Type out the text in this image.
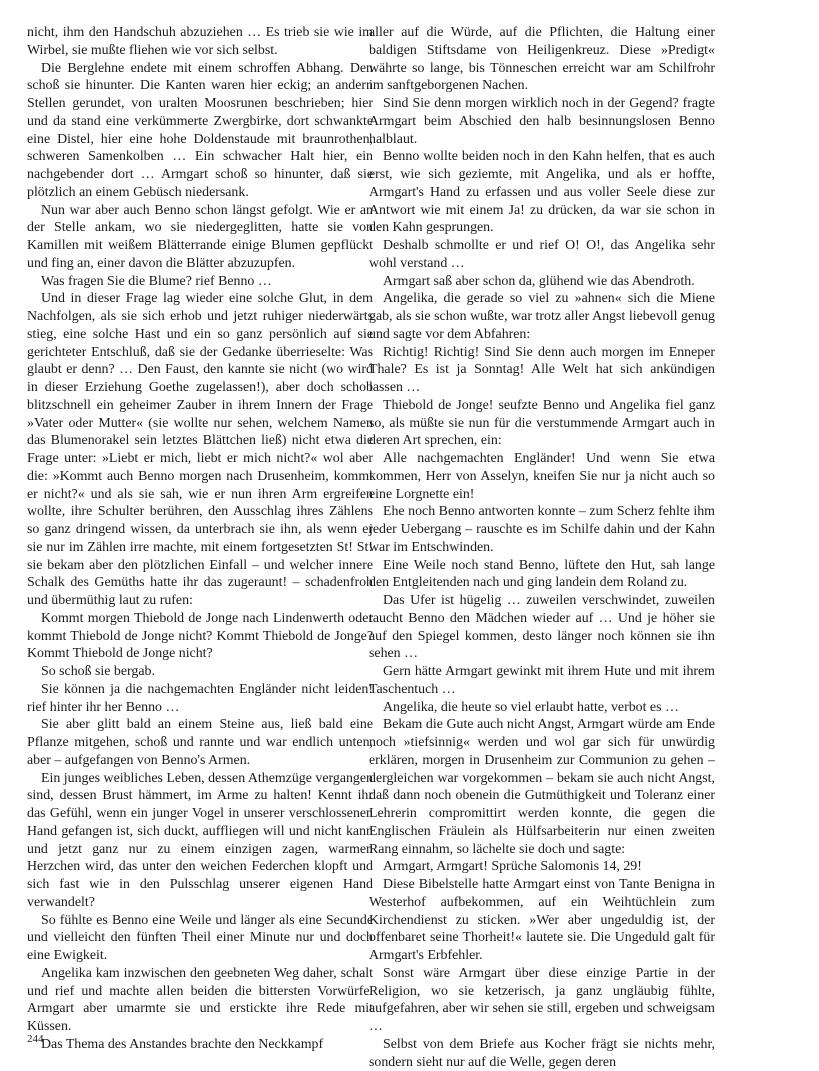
nicht, ihm den Handschuh abzuziehen … Es trieb sie wie im Wirbel, sie mußte fliehen wie vor sich selbst.

Die Berglehne endete mit einem schroffen Abhang. Den schoß sie hinunter. Die Kanten waren hier eckig; an andern Stellen gerundet, von uralten Moosrunen beschrieben; hier und da stand eine verkümmerte Zwergbirke, dort schwankte eine Distel, hier eine hohe Doldenstaude mit braunrothen, schweren Samenkolben … Ein schwacher Halt hier, ein nachgebender dort … Armgart schoß so hinunter, daß sie plötzlich an einem Gebüsch niedersank.

Nun war aber auch Benno schon längst gefolgt. Wie er an der Stelle ankam, wo sie niedergeglitten, hatte sie von Kamillen mit weißem Blätterrande einige Blumen gepflückt und fing an, einer davon die Blätter abzuzupfen.

Was fragen Sie die Blume? rief Benno …

Und in dieser Frage lag wieder eine solche Glut, in dem Nachfolgen, als sie sich erhob und jetzt ruhiger niederwärts stieg, eine solche Hast und ein so ganz persönlich auf sie gerichteter Entschluß, daß sie der Gedanke überrieselte: Was glaubt er denn? … Den Faust, den kannte sie nicht (wo wird in dieser Erziehung Goethe zugelassen!), aber doch schob blitzschnell ein geheimer Zauber in ihrem Innern der Frage »Vater oder Mutter« (sie wollte nur sehen, welchem Namen das Blumenorakel sein letztes Blättchen ließ) nicht etwa die Frage unter: »Liebt er mich, liebt er mich nicht?« wol aber die: »Kommt auch Benno morgen nach Drusenheim, kommt er nicht?« und als sie sah, wie er nun ihren Arm ergreifen wollte, ihre Schulter berühren, den Ausschlag ihres Zählens so ganz dringend wissen, da unterbrach sie ihn, als wenn er sie nur im Zählen irre machte, mit einem fortgesetzten St! St! sie bekam aber den plötzlichen Einfall – und welcher innere Schalk des Gemüths hatte ihr das zugeraunt! – schadenfroh und übermüthig laut zu rufen:

Kommt morgen Thiebold de Jonge nach Lindenwerth oder kommt Thiebold de Jonge nicht? Kommt Thiebold de Jonge? Kommt Thiebold de Jonge nicht?

So schoß sie bergab.

Sie können ja die nachgemachten Engländer nicht leiden! rief hinter ihr her Benno …

Sie aber glitt bald an einem Steine aus, ließ bald eine Pflanze mitgehen, schoß und rannte und war endlich unten, aber – aufgefangen von Benno's Armen.

Ein junges weibliches Leben, dessen Athemzüge vergangen sind, dessen Brust hämmert, im Arme zu halten! Kennt ihr das Gefühl, wenn ein junger Vogel in unserer verschlossenen Hand gefangen ist, sich duckt, auffliegen will und nicht kann und jetzt ganz nur zu einem einzigen zagen, warmen Herzchen wird, das unter den weichen Federchen klopft und sich fast wie in den Pulsschlag unserer eigenen Hand verwandelt?

So fühlte es Benno eine Weile und länger als eine Secunde und vielleicht den fünften Theil einer Minute nur und doch eine Ewigkeit.

Angelika kam inzwischen den geebneten Weg daher, schalt und rief und machte allen beiden die bittersten Vorwürfe. Armgart aber umarmte sie und erstickte ihre Rede mit Küssen.

Das Thema des Anstandes brachte den Neckkampf

aller auf die Würde, auf die Pflichten, die Haltung einer baldigen Stiftsdame von Heiligenkreuz. Diese »Predigt« währte so lange, bis Tönneschen erreicht war am Schilfrohr im sanftgeborgenen Nachen.

Sind Sie denn morgen wirklich noch in der Gegend? fragte Armgart beim Abschied den halb besinnungslosen Benno halblaut.

Benno wollte beiden noch in den Kahn helfen, that es auch erst, wie sich geziemte, mit Angelika, und als er hoffte, Armgart's Hand zu erfassen und aus voller Seele diese zur Antwort wie mit einem Ja! zu drücken, da war sie schon in den Kahn gesprungen.

Deshalb schmollte er und rief O! O!, das Angelika sehr wohl verstand …

Armgart saß aber schon da, glühend wie das Abendroth.

Angelika, die gerade so viel zu »ahnen« sich die Miene gab, als sie schon wußte, war trotz aller Angst liebevoll genug und sagte vor dem Abfahren:

Richtig! Richtig! Sind Sie denn auch morgen im Enneper Thale? Es ist ja Sonntag! Alle Welt hat sich ankündigen lassen …

Thiebold de Jonge! seufzte Benno und Angelika fiel ganz so, als müßte sie nun für die verstummende Armgart auch in deren Art sprechen, ein:

Alle nachgemachten Engländer! Und wenn Sie etwa kommen, Herr von Asselyn, kneifen Sie nur ja nicht auch so eine Lorgnette ein!

Ehe noch Benno antworten konnte – zum Scherz fehlte ihm jeder Uebergang – rauschte es im Schilfe dahin und der Kahn war im Entschwinden.

Eine Weile noch stand Benno, lüftete den Hut, sah lange den Entgleitenden nach und ging landein dem Roland zu.

Das Ufer ist hügelig … zuweilen verschwindet, zuweilen taucht Benno den Mädchen wieder auf … Und je höher sie auf den Spiegel kommen, desto länger noch können sie ihn sehen …

Gern hätte Armgart gewinkt mit ihrem Hute und mit ihrem Taschentuch …

Angelika, die heute so viel erlaubt hatte, verbot es …

Bekam die Gute auch nicht Angst, Armgart würde am Ende noch »tiefsinnig« werden und wol gar sich für unwürdig erklären, morgen in Drusenheim zur Communion zu gehen – dergleichen war vorgekommen – bekam sie auch nicht Angst, daß dann noch obenein die Gutmüthigkeit und Toleranz einer Lehrerin compromittirt werden konnte, die gegen die Englischen Fräulein als Hülfsarbeiterin nur einen zweiten Rang einnahm, so lächelte sie doch und sagte:

Armgart, Armgart! Sprüche Salomonis 14, 29!

Diese Bibelstelle hatte Armgart einst von Tante Benigna in Westerhof aufbekommen, auf ein Weihtüchlein zum Kirchendienst zu sticken. »Wer aber ungeduldig ist, der offenbaret seine Thorheit!« lautete sie. Die Ungeduld galt für Armgart's Erbfehler.

Sonst wäre Armgart über diese einzige Partie in der Religion, wo sie ketzerisch, ja ganz ungläubig fühlte, aufgefahren, aber wir sehen sie still, ergeben und schweigsam …

Selbst von dem Briefe aus Kocher frägt sie nichts mehr, sondern sieht nur auf die Welle, gegen deren

244
